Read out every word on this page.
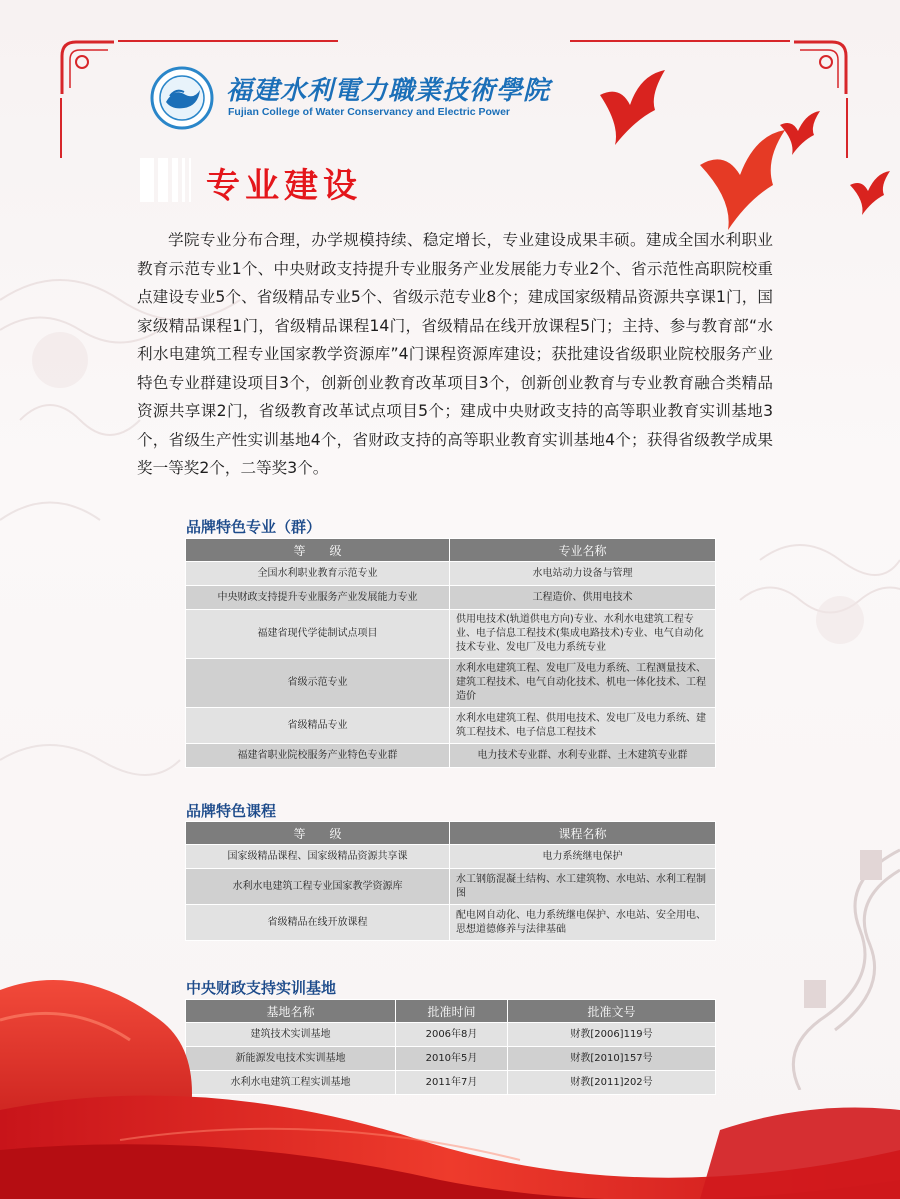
福建水利電力職業技術學院
Fujian College of Water Conservancy and Electric Power
专业建设
学院专业分布合理，办学规模持续、稳定增长，专业建设成果丰硕。建成全国水利职业教育示范专业1个、中央财政支持提升专业服务产业发展能力专业2个、省示范性高职院校重点建设专业5个、省级精品专业5个、省级示范专业8个；建成国家级精品资源共享课1门，国家级精品课程1门，省级精品课程14门，省级精品在线开放课程5门；主持、参与教育部“水利水电建筑工程专业国家教学资源库”4门课程资源库建设；获批建设省级职业院校服务产业特色专业群建设项目3个，创新创业教育改革项目3个，创新创业教育与专业教育融合类精品资源共享课2门，省级教育改革试点项目5个；建成中央财政支持的高等职业教育实训基地3个，省级生产性实训基地4个，省财政支持的高等职业教育实训基地4个；获得省级教学成果奖一等奖2个，二等奖3个。
品牌特色专业（群）
等　　级	专业名称
全国水利职业教育示范专业	水电站动力设备与管理
中央财政支持提升专业服务产业发展能力专业	工程造价、供用电技术
福建省现代学徒制试点项目	供用电技术(轨道供电方向)专业、水利水电建筑工程专业、电子信息工程技术(集成电路技术)专业、电气自动化技术专业、发电厂及电力系统专业
省级示范专业	水利水电建筑工程、发电厂及电力系统、工程测量技术、建筑工程技术、电气自动化技术、机电一体化技术、工程造价
省级精品专业	水利水电建筑工程、供用电技术、发电厂及电力系统、建筑工程技术、电子信息工程技术
福建省职业院校服务产业特色专业群	电力技术专业群、水利专业群、土木建筑专业群
品牌特色课程
等　　级	课程名称
国家级精品课程、国家级精品资源共享课	电力系统继电保护
水利水电建筑工程专业国家教学资源库	水工钢筋混凝土结构、水工建筑物、水电站、水利工程制图
省级精品在线开放课程	配电网自动化、电力系统继电保护、水电站、安全用电、思想道德修养与法律基础
中央财政支持实训基地
基地名称	批准时间	批准文号
建筑技术实训基地	2006年8月	财教[2006]119号
新能源发电技术实训基地	2010年5月	财教[2010]157号
水利水电建筑工程实训基地	2011年7月	财教[2011]202号
